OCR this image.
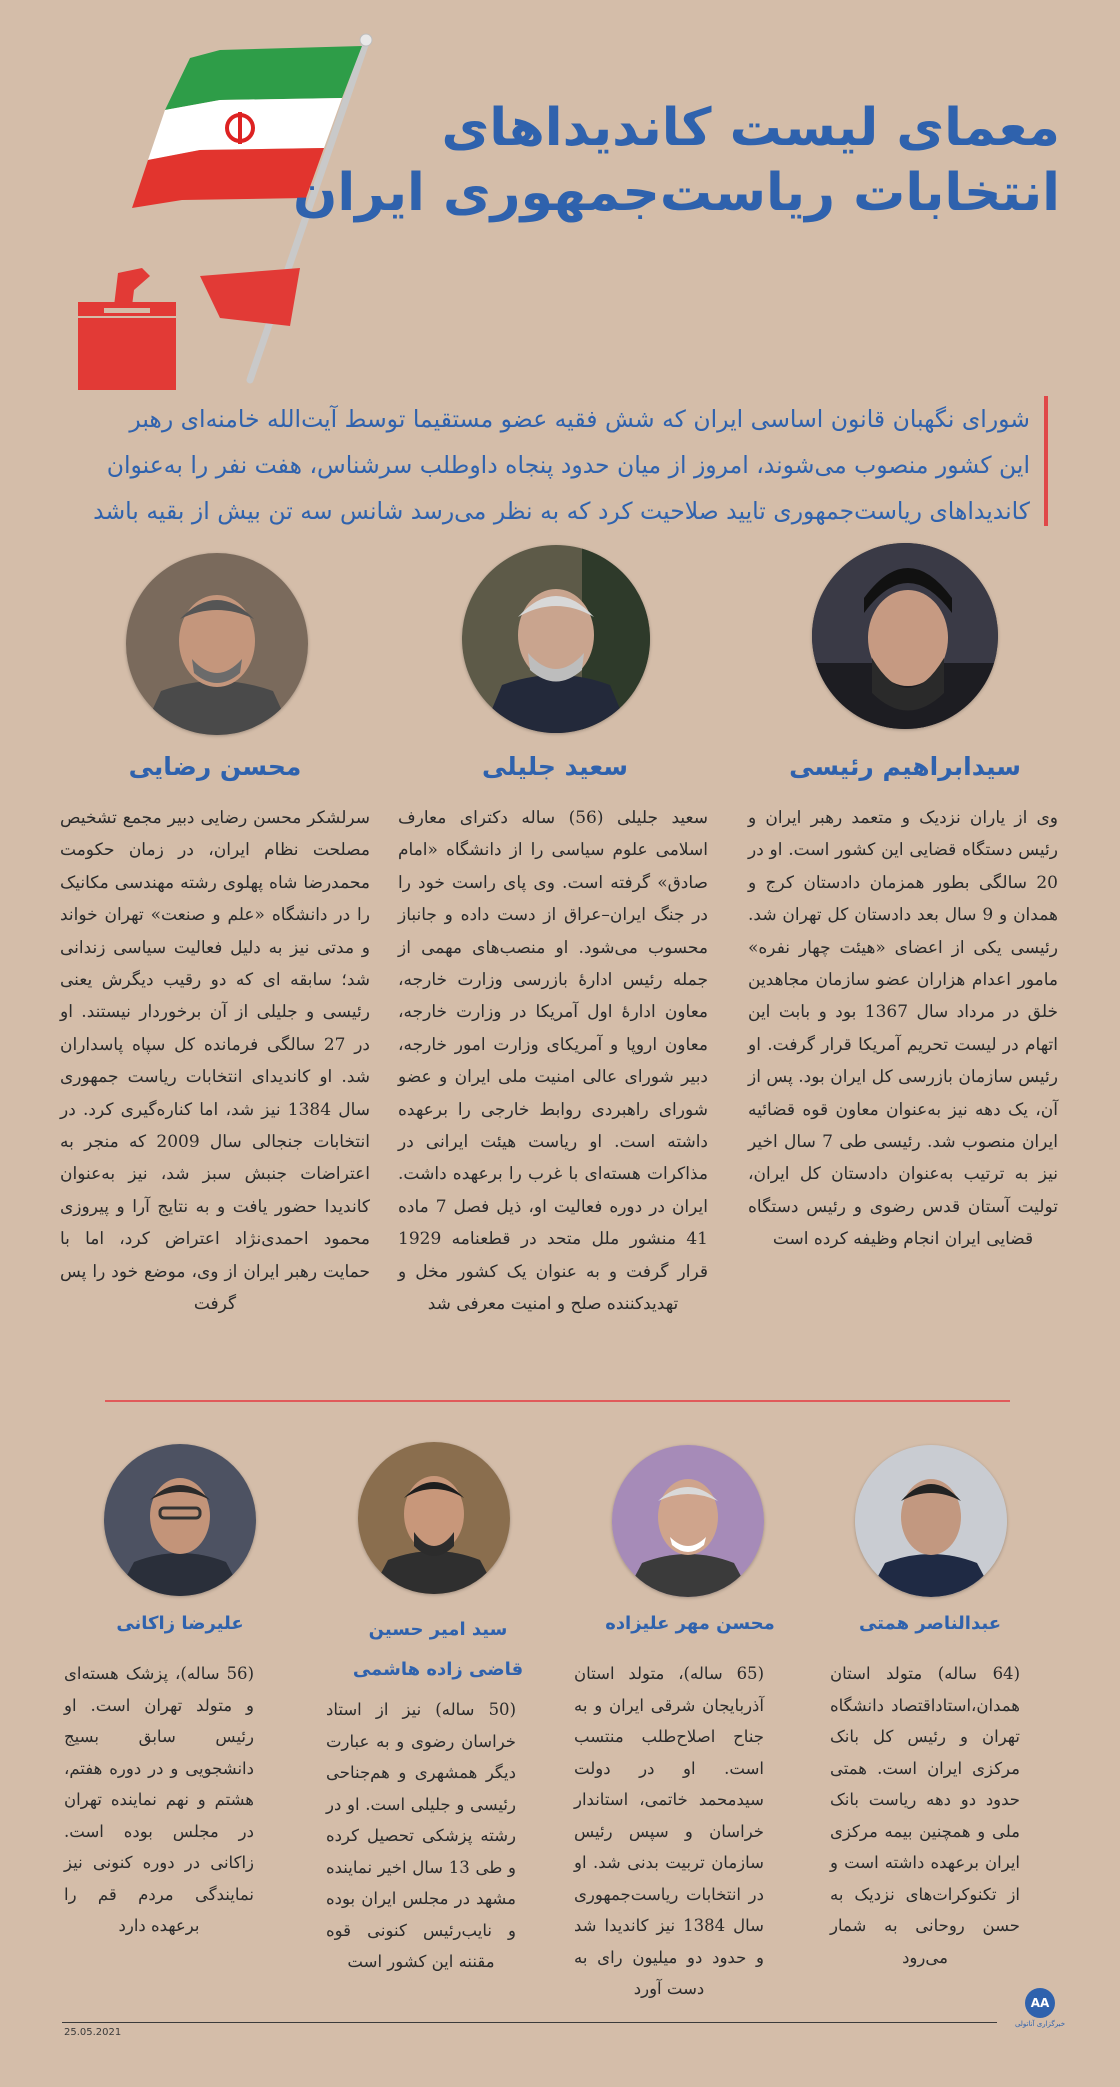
معمای لیست کاندیداهای
انتخابات ریاست‌جمهوری ایران
شورای نگهبان قانون اساسی ایران که شش فقیه عضو مستقیما توسط آیت‌الله خامنه‌ای رهبر
این کشور منصوب می‌شوند، امروز از میان حدود پنجاه داوطلب سرشناس، هفت نفر را به‌عنوان
کاندیداهای ریاست‌جمهوری تایید صلاحیت کرد که به نظر می‌رسد شانس سه تن بیش از بقیه باشد
سیدابراهیم رئیسی
وی از یاران نزدیک و متعمد رهبر ایران و رئیس دستگاه قضایی این کشور است. او در 20 سالگی بطور همزمان دادستان کرج و همدان و 9 سال بعد دادستان کل تهران شد. رئیسی یکی از اعضای «هیئت چهار نفره» مامور اعدام هزاران عضو سازمان مجاهدین خلق در مرداد سال 1367 بود و بابت این اتهام در لیست تحریم آمریکا قرار گرفت. او رئیس سازمان بازرسی کل ایران بود. پس از آن، یک دهه نیز به‌عنوان معاون قوه قضائیه ایران منصوب شد. رئیسی طی 7 سال اخیر نیز به ترتیب به‌عنوان دادستان کل ایران، تولیت آستان قدس رضوی و رئیس دستگاه قضایی ایران انجام وظیفه کرده است
سعید جلیلی
سعید جلیلی (56) ساله دکترای معارف اسلامی علوم سیاسی را از دانشگاه «امام صادق» گرفته است. وی پای راست خود را در جنگ ایران–عراق از دست داده و جانباز محسوب می‌شود. او منصب‌های مهمی از جمله رئیس ادارۀ بازرسی وزارت خارجه، معاون ادارۀ اول آمریکا در وزارت خارجه، معاون اروپا و آمریکای وزارت امور خارجه، دبیر شورای عالی امنیت ملی ایران و عضو شورای راهبردی روابط خارجی را برعهده داشته است. او ریاست هیئت ایرانی در مذاکرات هسته‌ای با غرب را برعهده داشت. ایران در دوره فعالیت او، ذیل فصل 7 ماده 41 منشور ملل متحد در قطعنامه 1929 قرار گرفت و به عنوان یک کشور مخل و تهدیدکننده صلح و امنیت معرفی شد
محسن رضایی
سرلشکر محسن رضایی دبیر مجمع تشخیص مصلحت نظام ایران، در زمان حکومت محمدرضا شاه پهلوی رشته مهندسی مکانیک را در دانشگاه «علم و صنعت» تهران خواند و مدتی نیز به دلیل فعالیت سیاسی زندانی شد؛ سابقه ای که دو رقیب دیگرش یعنی رئیسی و جلیلی از آن برخوردار نیستند. او در 27 سالگی فرمانده کل سپاه پاسداران شد. او کاندیدای انتخابات ریاست جمهوری سال 1384 نیز شد، اما کناره‌گیری کرد. در انتخابات جنجالی سال 2009 که منجر به اعتراضات جنبش سبز شد، نیز به‌عنوان کاندیدا حضور یافت و به نتایج آرا و پیروزی محمود احمدی‌نژاد اعتراض کرد، اما با حمایت رهبر ایران از وی، موضع خود را پس گرفت
عبدالناصر همتی
(64 ساله) متولد استان همدان،استاداقتصاد دانشگاه تهران و رئیس کل بانک مرکزی ایران است. همتی حدود دو دهه ریاست بانک ملی و همچنین بیمه مرکزی ایران برعهده داشته است و از تکنوکرات‌های نزدیک به حسن روحانی به شمار می‌رود
محسن مهر علیزاده
(65 ساله)، متولد استان آذربایجان شرقی ایران و به جناح اصلاح‌طلب منتسب است. او در دولت سیدمحمد خاتمی، استاندار خراسان و سپس رئیس سازمان تربیت بدنی شد. او در انتخابات ریاست‌جمهوری سال 1384 نیز کاندیدا شد و حدود دو میلیون رای به دست آورد
سید امیر حسین
قاضی زاده هاشمی
(50 ساله) نیز از استاد خراسان رضوی و به عبارت دیگر همشهری و هم‌جناحی رئیسی و جلیلی است. او در رشته پزشکی تحصیل کرده و طی 13 سال اخیر نماینده مشهد در مجلس ایران بوده و نایب‌رئیس کنونی قوه مقننه این کشور است
علیرضا زاکانی
(56 ساله)، پزشک هسته‌ای و متولد تهران است. او رئیس سابق بسیج دانشجویی و در دوره هفتم، هشتم و نهم نماینده تهران در مجلس بوده است. زاکانی در دوره کنونی نیز نمایندگی مردم قم را برعهده دارد
25.05.2021
AA
خبرگزاری آناتولی
